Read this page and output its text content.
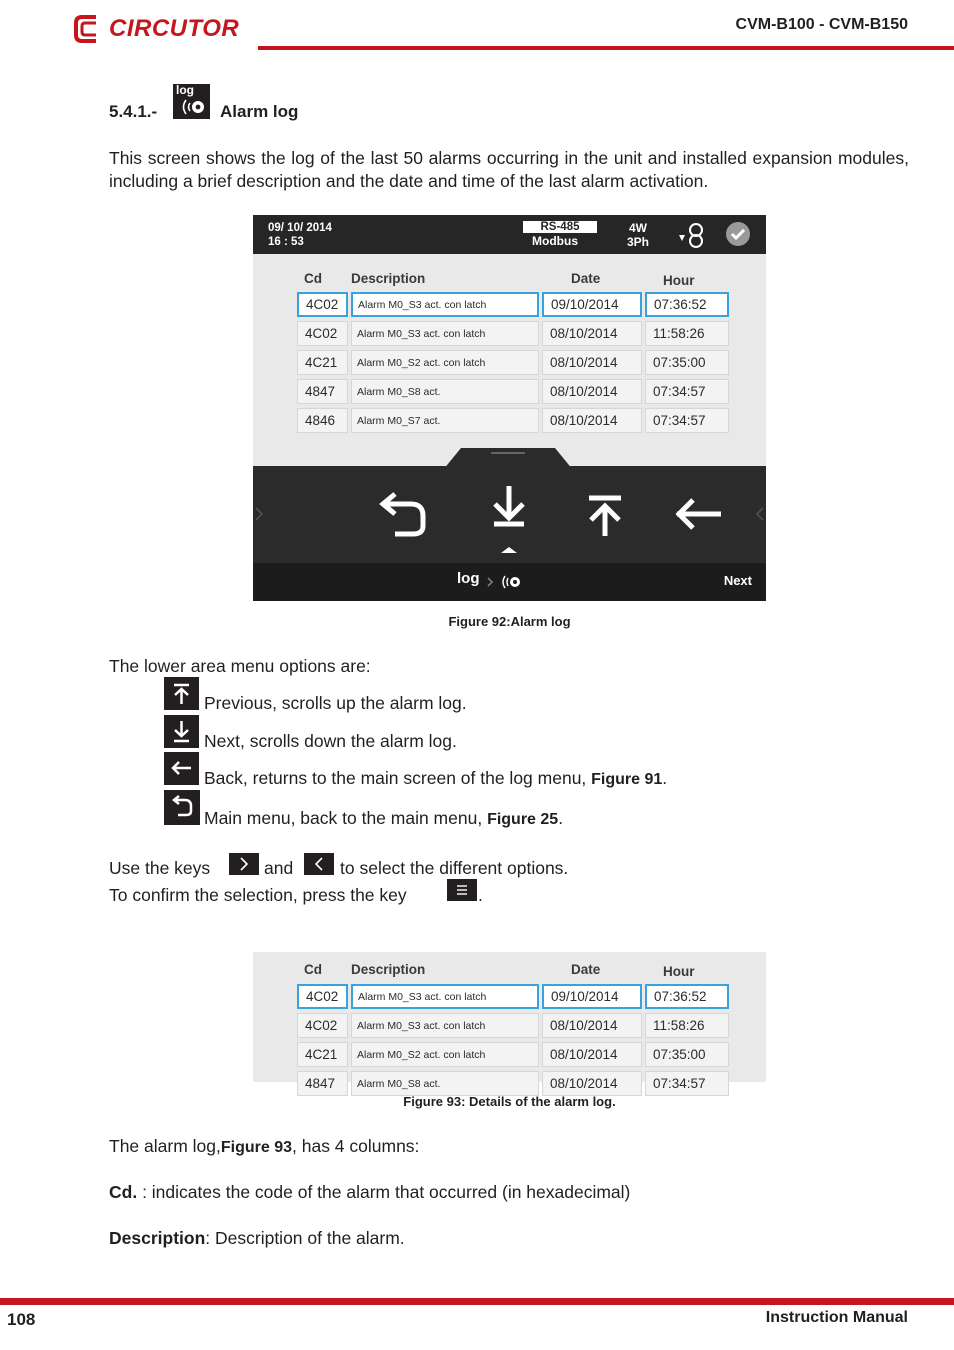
CIRCUTOR	CVM-B100 - CVM-B150
5.4.1.-
log
Alarm log

This screen shows the log of the last 50 alarms occurring in the unit and installed expansion modules, including a brief description and the date and time of the last alarm activation.

09/ 10/ 2014
16 : 53
RS-485
Modbus
4W
3Ph
Cd Description	Date	Hour
4C02	Alarm M0_S3 act. con latch	09/10/2014	07:36:52
4C02	Alarm M0_S3 act. con latch	08/10/2014	11:58:26
4C21	Alarm M0_S2 act. con latch	08/10/2014	07:35:00
4847	Alarm M0_S8 act.	08/10/2014	07:34:57
4846	Alarm M0_S7 act.	08/10/2014	07:34:57
log	Next
Figure 92:Alarm log

The lower area menu options are:

Previous, scrolls up the alarm log.

Next, scrolls down the alarm log.

Back, returns to the main screen of the log menu, Figure 91.

Main menu, back to the main menu, Figure 25.

Use the keys	and	to select the different options.

To confirm the selection, press the key	.

Cd Description	Date	Hour
4C02	Alarm M0_S3 act. con latch	09/10/2014	07:36:52
4C02	Alarm M0_S3 act. con latch	08/10/2014	11:58:26
4C21	Alarm M0_S2 act. con latch	08/10/2014	07:35:00
4847	Alarm M0_S8 act.	08/10/2014	07:34:57
Figure 93: Details of the alarm log.

The alarm log,Figure 93, has 4 columns:

Cd. : indicates the code of the alarm that occurred (in hexadecimal)

Description: Description of the alarm.

108	Instruction Manual
